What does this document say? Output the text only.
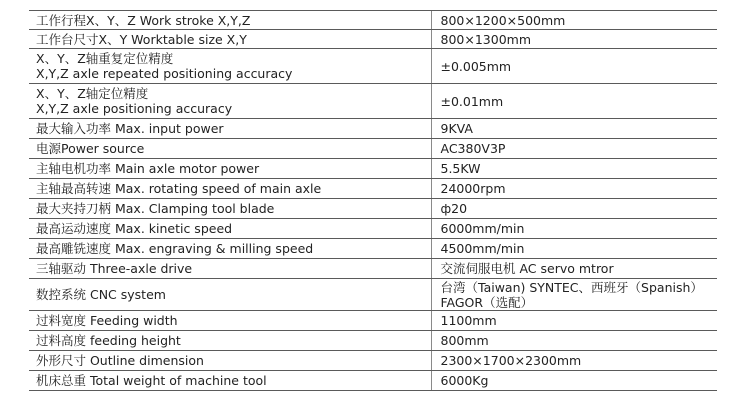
工作行程X、Y、Z Work stroke X,Y,Z	800×1200×500mm

工作台尺寸X、Y Worktable size X,Y	800×1300mm

X、Y、Z轴重复定位精度
X,Y,Z axle repeated positioning accuracy	±0.005mm

X、Y、Z轴定位精度
X,Y,Z axle positioning accuracy	±0.01mm

最大输入功率 Max. input power	9KVA

电源Power source	AC380V3P

主轴电机功率 Main axle motor power	5.5KW

主轴最高转速 Max. rotating speed of main axle	24000rpm

最大夹持刀柄 Max. Clamping tool blade	ф20

最高运动速度 Max. kinetic speed	6000mm/min

最高雕铣速度 Max. engraving & milling speed	4500mm/min

三轴驱动 Three-axle drive	交流伺服电机 AC servo mtror

数控系统 CNC system	台湾（Taiwan) SYNTEC、西班牙（Spanish）
FAGOR（选配）

过料宽度 Feeding width	1100mm

过料高度 feeding height	800mm

外形尺寸 Outline dimension	2300×1700×2300mm

机床总重 Total weight of machine tool	6000Kg
